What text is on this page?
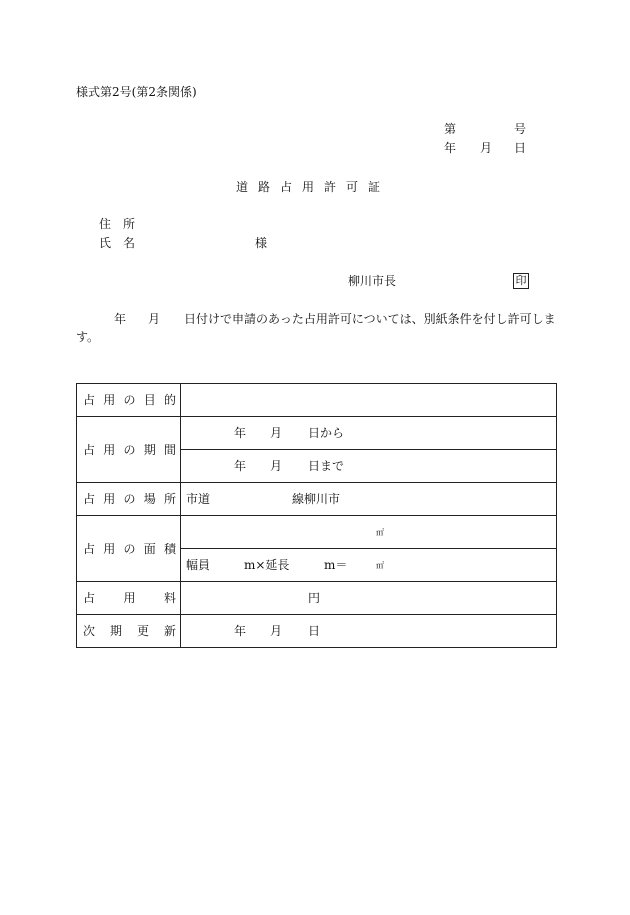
様式第2号(第2条関係)
第	号
年 月 日
道路占用許可証
住　所
氏　名	様
柳川市長	印
年 月 日付けで申請のあった占用許可については、別紙条件を付し許可しま
す。
占 用 の 目 的	

占 用 の 期 間	年 月 日から

	年 月 日まで

占 用 の 場 所	市道 線柳川市

占 用 の 面 積	㎡

	幅員 m×延長 m＝ ㎡

占 用 料	円

次 期 更 新	年 月 日
